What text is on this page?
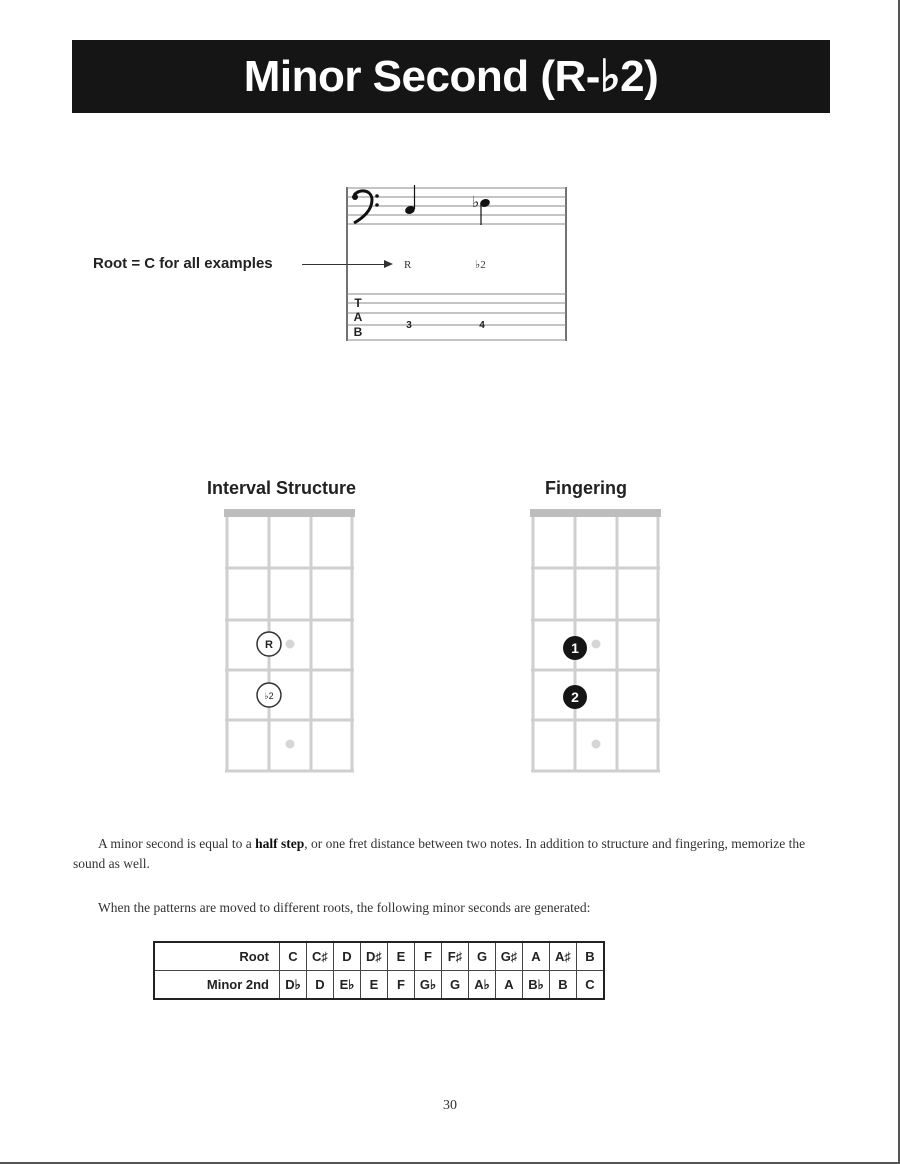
Minor Second (R-♭2)
Root = C for all examples
♭
R	♭2
T
A
B	3	4
Interval Structure	Fingering
R
♭2
1
2
A minor second is equal to a half step, or one fret distance between two notes. In addition to structure and fingering, memorize the sound as well.
When the patterns are moved to different roots, the following minor seconds are generated:
Root	C	C♯	D	D♯	E	F	F♯	G	G♯	A	A♯	B
Minor 2nd	D♭	D	E♭	E	F	G♭	G	A♭	A	B♭	B	C
30
